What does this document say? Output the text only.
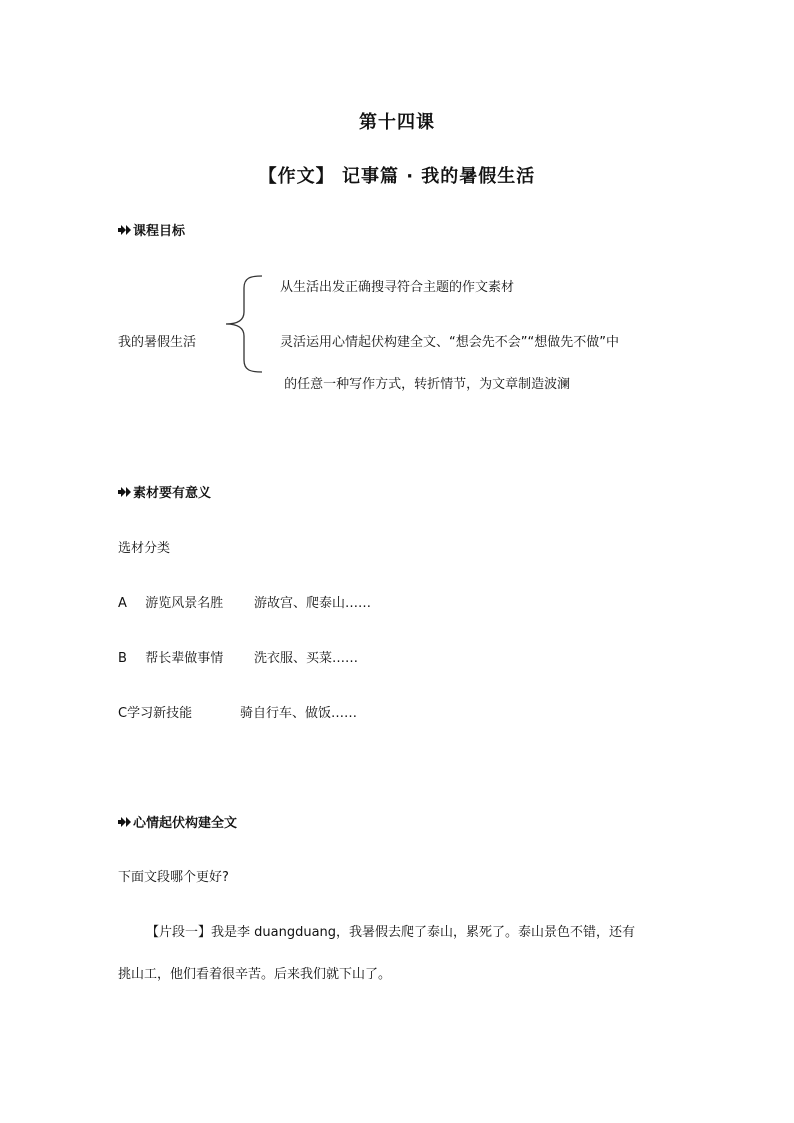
第十四课
【作文】 记事篇 · 我的暑假生活
课程目标
我的暑假生活
从生活出发正确搜寻符合主题的作文素材
灵活运用心情起伏构建全文、“想会先不会”“想做先不做”中
的任意一种写作方式，转折情节，为文章制造波澜
素材要有意义
选材分类
A 游览风景名胜 游故宫、爬泰山……
B 帮长辈做事情 洗衣服、买菜……
C学习新技能	骑自行车、做饭……
心情起伏构建全文
下面文段哪个更好?
【片段一】我是李 duangduang，我暑假去爬了泰山，累死了。泰山景色不错，还有
挑山工，他们看着很辛苦。后来我们就下山了。
